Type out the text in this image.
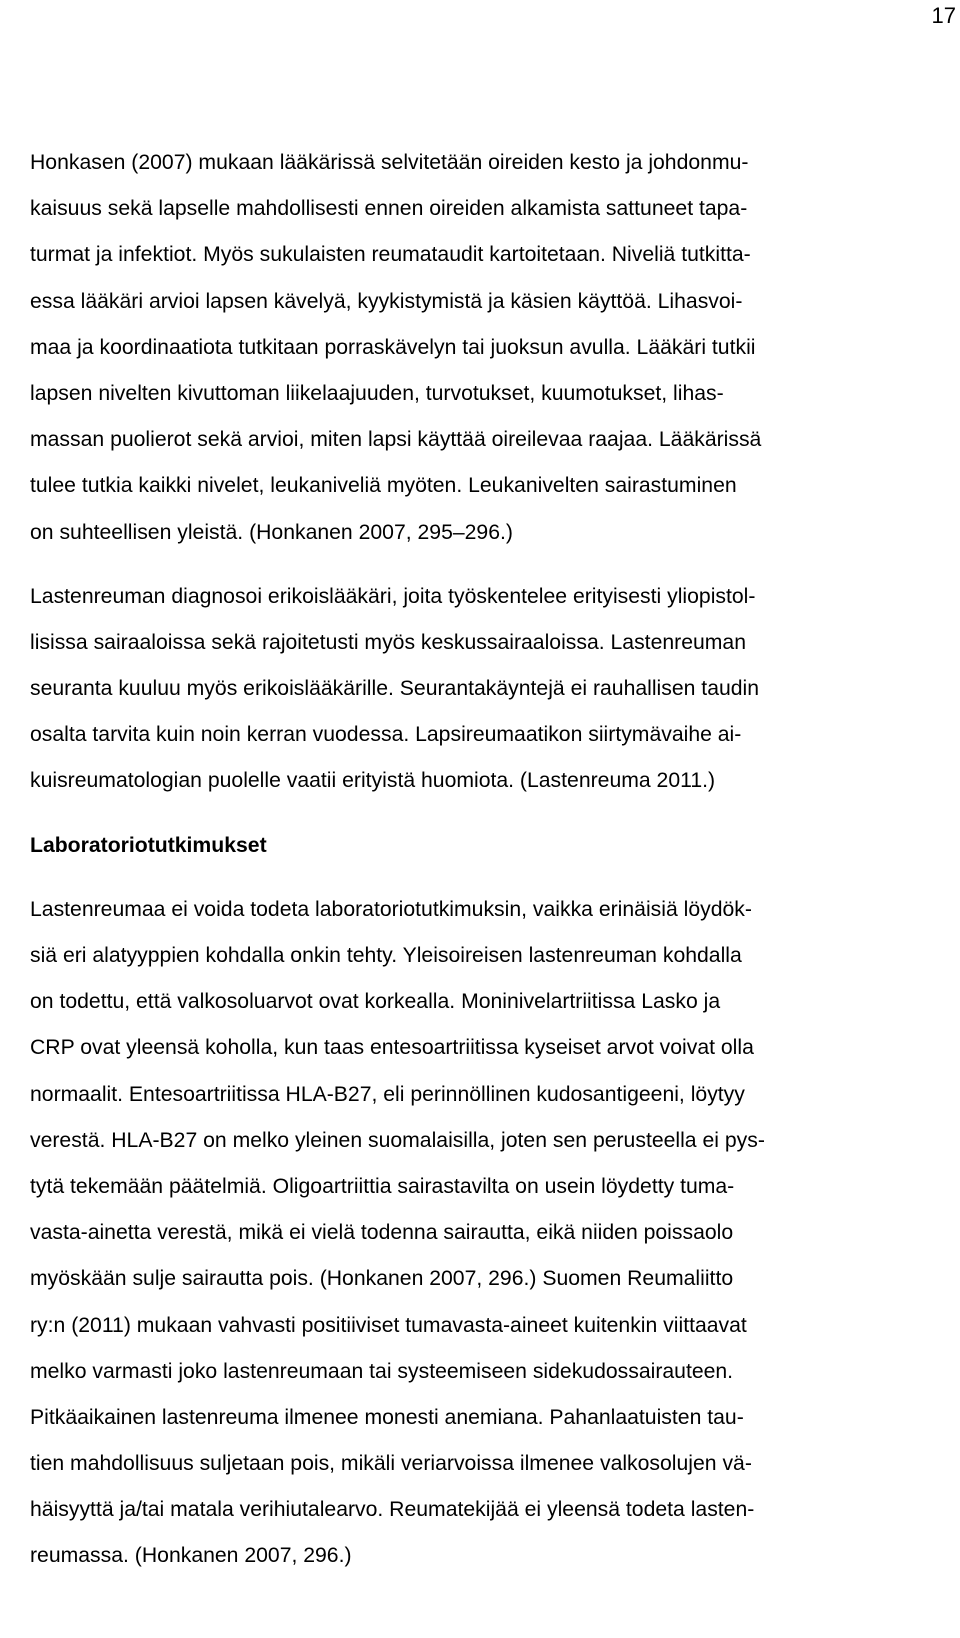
17

Honkasen (2007) mukaan lääkärissä selvitetään oireiden kesto ja johdonmu-
kaisuus sekä lapselle mahdollisesti ennen oireiden alkamista sattuneet tapa-
turmat ja infektiot. Myös sukulaisten reumataudit kartoitetaan. Niveliä tutkitta-
essa lääkäri arvioi lapsen kävelyä, kyykistymistä ja käsien käyttöä. Lihasvoi-
maa ja koordinaatiota tutkitaan porraskävelyn tai juoksun avulla. Lääkäri tutkii
lapsen nivelten kivuttoman liikelaajuuden, turvotukset, kuumotukset, lihas-
massan puolierot sekä arvioi, miten lapsi käyttää oireilevaa raajaa. Lääkärissä
tulee tutkia kaikki nivelet, leukaniveliä myöten. Leukanivelten sairastuminen
on suhteellisen yleistä. (Honkanen 2007, 295–296.)

Lastenreuman diagnosoi erikoislääkäri, joita työskentelee erityisesti yliopistol-
lisissa sairaaloissa sekä rajoitetusti myös keskussairaaloissa. Lastenreuman
seuranta kuuluu myös erikoislääkärille. Seurantakäyntejä ei rauhallisen taudin
osalta tarvita kuin noin kerran vuodessa. Lapsireumaatikon siirtymävaihe ai-
kuisreumatologian puolelle vaatii erityistä huomiota. (Lastenreuma 2011.)

Laboratoriotutkimukset

Lastenreumaa ei voida todeta laboratoriotutkimuksin, vaikka erinäisiä löydök-
siä eri alatyyppien kohdalla onkin tehty. Yleisoireisen lastenreuman kohdalla
on todettu, että valkosoluarvot ovat korkealla. Moninivelartriitissa Lasko ja
CRP ovat yleensä koholla, kun taas entesoartriitissa kyseiset arvot voivat olla
normaalit. Entesoartriitissa HLA-B27, eli perinnöllinen kudosantigeeni, löytyy
verestä. HLA-B27 on melko yleinen suomalaisilla, joten sen perusteella ei pys-
tytä tekemään päätelmiä. Oligoartriittia sairastavilta on usein löydetty tuma-
vasta-ainetta verestä, mikä ei vielä todenna sairautta, eikä niiden poissaolo
myöskään sulje sairautta pois. (Honkanen 2007, 296.) Suomen Reumaliitto
ry:n (2011) mukaan vahvasti positiiviset tumavasta-aineet kuitenkin viittaavat
melko varmasti joko lastenreumaan tai systeemiseen sidekudossairauteen.
Pitkäaikainen lastenreuma ilmenee monesti anemiana. Pahanlaatuisten tau-
tien mahdollisuus suljetaan pois, mikäli veriarvoissa ilmenee valkosolujen vä-
häisyyttä ja/tai matala verihiutalearvo. Reumatekijää ei yleensä todeta lasten-
reumassa. (Honkanen 2007, 296.)
